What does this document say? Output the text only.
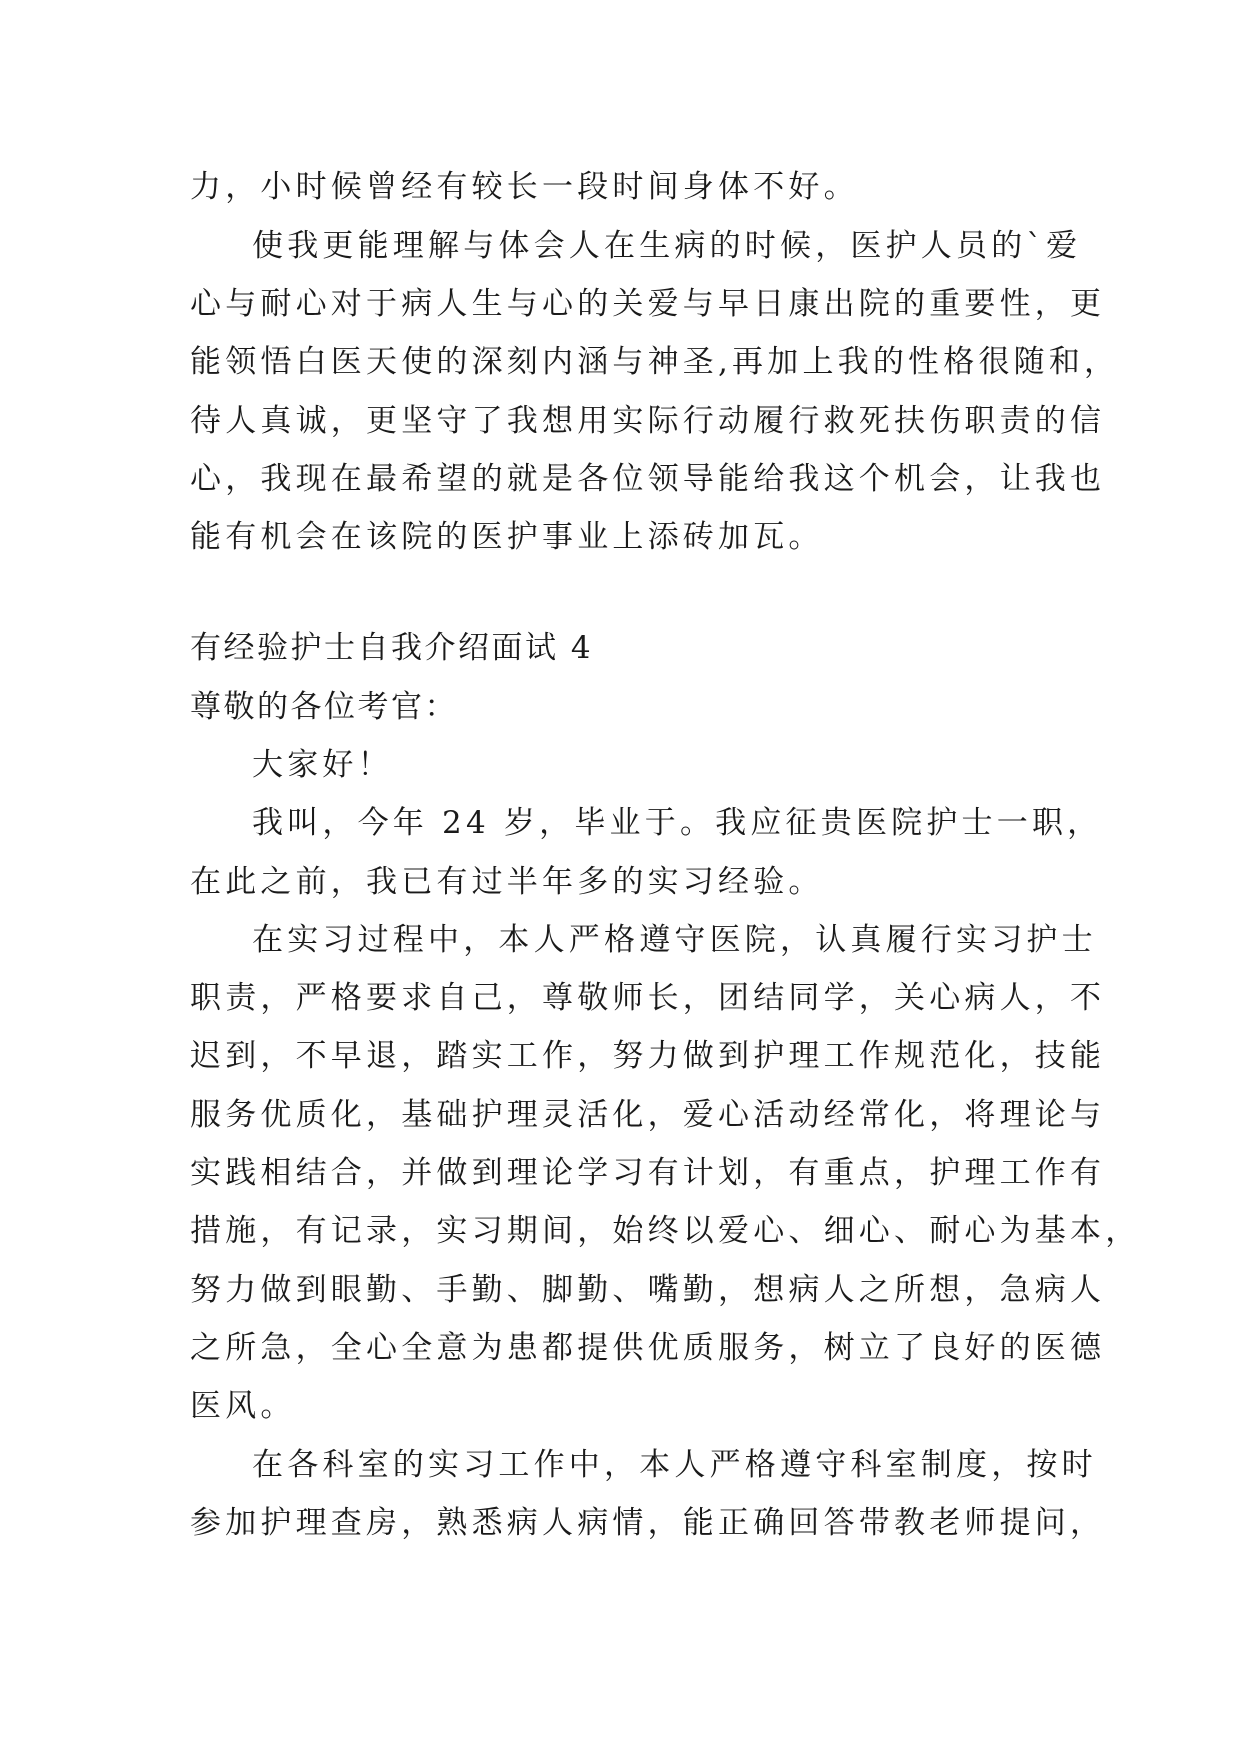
力，小时候曾经有较长一段时间身体不好。
使我更能理解与体会人在生病的时候，医护人员的`爱
心与耐心对于病人生与心的关爱与早日康出院的重要性，更
能领悟白医天使的深刻内涵与神圣,再加上我的性格很随和，
待人真诚，更坚守了我想用实际行动履行救死扶伤职责的信
心，我现在最希望的就是各位领导能给我这个机会，让我也
能有机会在该院的医护事业上添砖加瓦。
有经验护士自我介绍面试 4
尊敬的各位考官：
大家好！
我叫，今年 24 岁，毕业于。我应征贵医院护士一职，
在此之前，我已有过半年多的实习经验。
在实习过程中，本人严格遵守医院，认真履行实习护士
职责，严格要求自己，尊敬师长，团结同学，关心病人，不
迟到，不早退，踏实工作，努力做到护理工作规范化，技能
服务优质化，基础护理灵活化，爱心活动经常化，将理论与
实践相结合，并做到理论学习有计划，有重点，护理工作有
措施，有记录，实习期间，始终以爱心、细心、耐心为基本，
努力做到眼勤、手勤、脚勤、嘴勤，想病人之所想，急病人
之所急，全心全意为患都提供优质服务，树立了良好的医德
医风。
在各科室的实习工作中，本人严格遵守科室制度，按时
参加护理查房，熟悉病人病情，能正确回答带教老师提问，
